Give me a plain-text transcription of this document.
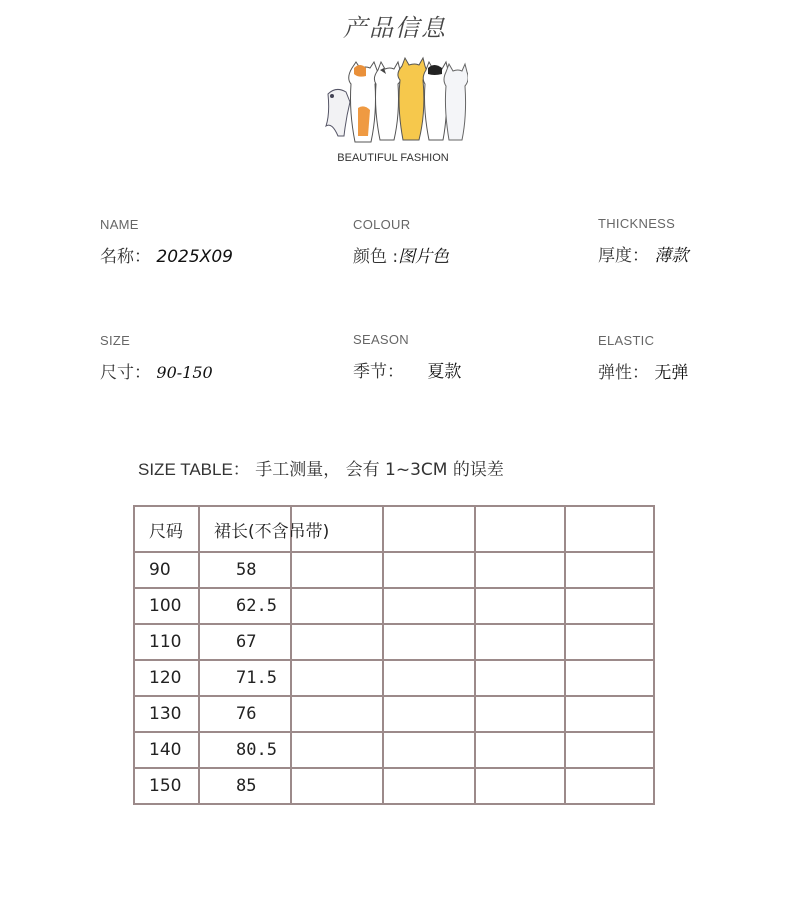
产品信息
BEAUTIFUL FASHION
NAME
名称： 2025X09
COLOUR
颜色 :图片色
THICKNESS
厚度： 薄款
SIZE
尺寸： 90-150
SEASON
季节： 夏款
ELASTIC
弹性： 无弹
SIZE TABLE： 手工测量， 会有 1~3CM 的误差
尺码	裙长(不含吊带)				
90	58				
100	62.5				
110	67				
120	71.5				
130	76				
140	80.5				
150	85				
